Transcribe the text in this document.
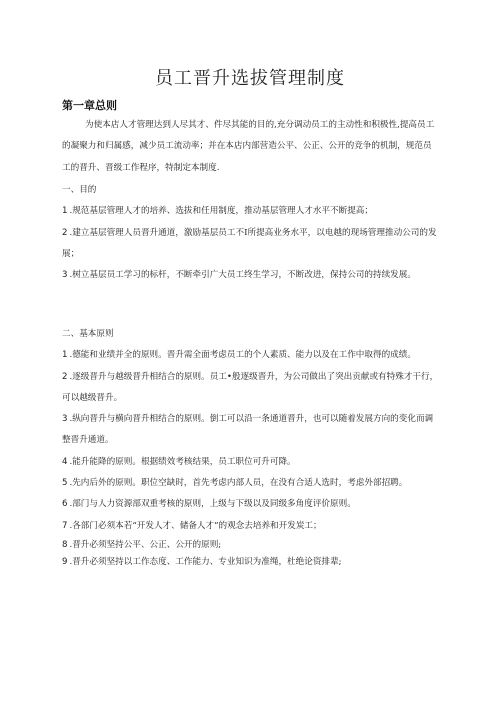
员工晋升选拔管理制度
第一章总则
为使本店人才管理达到人尽其才、件尽其能的目的,充分调动员工的主动性和积极性,提高员工的凝聚力和归属感，减少员工流动率；并在本店内部营造公平、公正、公开的竞争的机制，规范员工的晋升、晋级工作程序，特制定本制度.
一、目的
1 .规范基层管理人才的培养、选拔和任用制度，推动基层管理人才水平不断提高；
2 .建立基层管理人员晋升通道，激励基层员工不I所提高业务水平，以电越的现场管理推动公司的发展；
3 .树立基层员工学习的标杆，不断牵引广大员工终生学习，不断改进，保持公司的持续发展。
二、基本原则
1 .德能和业绩并全的原则。晋升需全面考虑员工的个人素质、能力以及在工作中取得的成绩。
2 .逐级晋升与越级晋升相结合的原则。员工•般逐级晋升，为公司做出了突出贡献或有特殊才干行，可以越级晋升。
3 .纵向晋升与横向晋升相结合的原则。倒工可以沿一条通道晋升，也可以随着发展方向的变化而调整晋升通道。
4 .能升能降的原则。根据绩效考核结果，员工职位可升可降。
5 .先内后外的原则。职位空缺时，首先考虑内部人员，在没有合适人选时，考虑外部招聘。
6 .部门与人力资源部双重考核的原则，上级与下级以及同级多角度评价原则。
7 .各部门必须本若“开发人才、储备人才”的观念去培养和开发炭工；
8 .晋升必须坚持公平、公正、公开的原则;
9 .晋升必须坚持以工作态度、工作能力、专业知识为准绳，杜绝论资排辈;
